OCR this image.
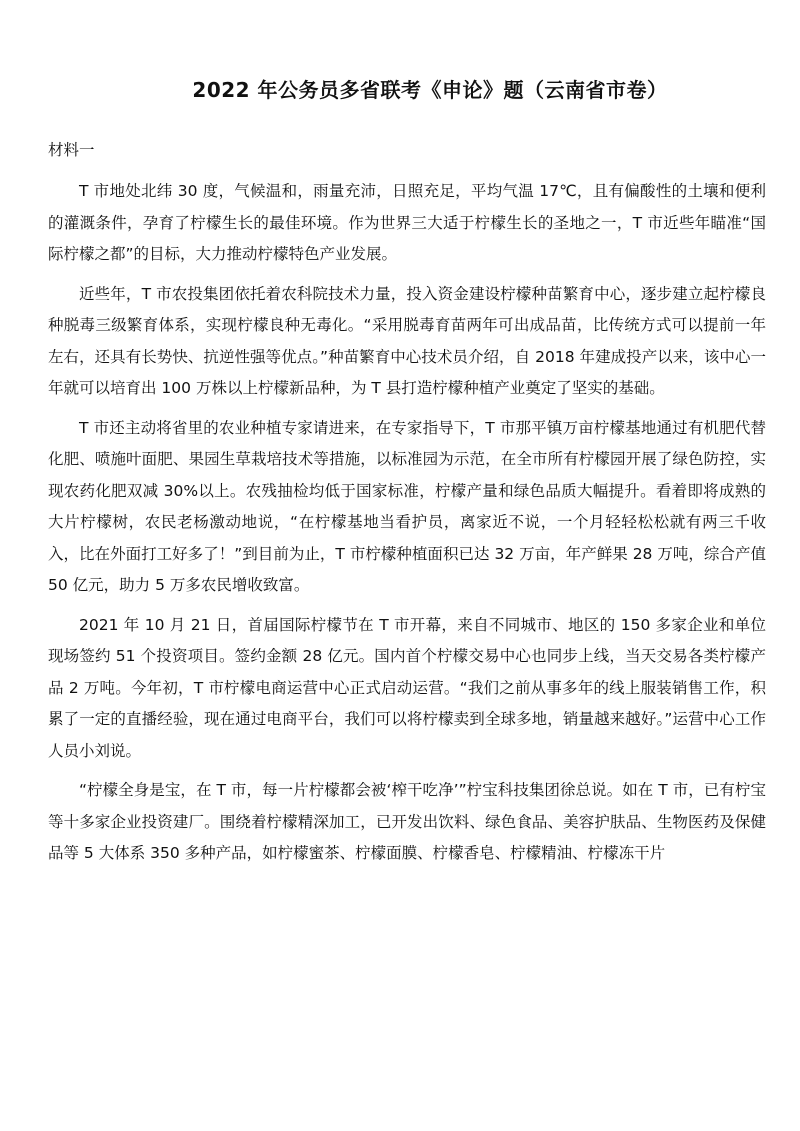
2022 年公务员多省联考《申论》题（云南省市卷）
材料一

T 市地处北纬 30 度，气候温和，雨量充沛，日照充足，平均气温 17℃，且有偏酸性的土壤和便利的灌溉条件，孕育了柠檬生长的最佳环境。作为世界三大适于柠檬生长的圣地之一，T 市近些年瞄准“国际柠檬之都”的目标，大力推动柠檬特色产业发展。

近些年，T 市农投集团依托着农科院技术力量，投入资金建设柠檬种苗繁育中心，逐步建立起柠檬良种脱毒三级繁育体系，实现柠檬良种无毒化。“采用脱毒育苗两年可出成品苗，比传统方式可以提前一年左右，还具有长势快、抗逆性强等优点。”种苗繁育中心技术员介绍，自 2018 年建成投产以来，该中心一年就可以培育出 100 万株以上柠檬新品种，为 T 县打造柠檬种植产业奠定了坚实的基础。

T 市还主动将省里的农业种植专家请进来，在专家指导下，T 市那平镇万亩柠檬基地通过有机肥代替化肥、喷施叶面肥、果园生草栽培技术等措施，以标准园为示范，在全市所有柠檬园开展了绿色防控，实现农药化肥双减 30%以上。农残抽检均低于国家标准，柠檬产量和绿色品质大幅提升。看着即将成熟的大片柠檬树，农民老杨激动地说，“在柠檬基地当看护员，离家近不说，一个月轻轻松松就有两三千收入，比在外面打工好多了！”到目前为止，T 市柠檬种植面积已达 32 万亩，年产鲜果 28 万吨，综合产值 50 亿元，助力 5 万多农民增收致富。

2021 年 10 月 21 日，首届国际柠檬节在 T 市开幕，来自不同城市、地区的 150 多家企业和单位现场签约 51 个投资项目。签约金额 28 亿元。国内首个柠檬交易中心也同步上线，当天交易各类柠檬产品 2 万吨。今年初，T 市柠檬电商运营中心正式启动运营。“我们之前从事多年的线上服装销售工作，积累了一定的直播经验，现在通过电商平台，我们可以将柠檬卖到全球多地，销量越来越好。”运营中心工作人员小刘说。

“柠檬全身是宝，在 T 市，每一片柠檬都会被‘榨干吃净’”柠宝科技集团徐总说。如在 T 市，已有柠宝等十多家企业投资建厂。围绕着柠檬精深加工，已开发出饮料、绿色食品、美容护肤品、生物医药及保健品等 5 大体系 350 多种产品，如柠檬蜜茶、柠檬面膜、柠檬香皂、柠檬精油、柠檬冻干片
